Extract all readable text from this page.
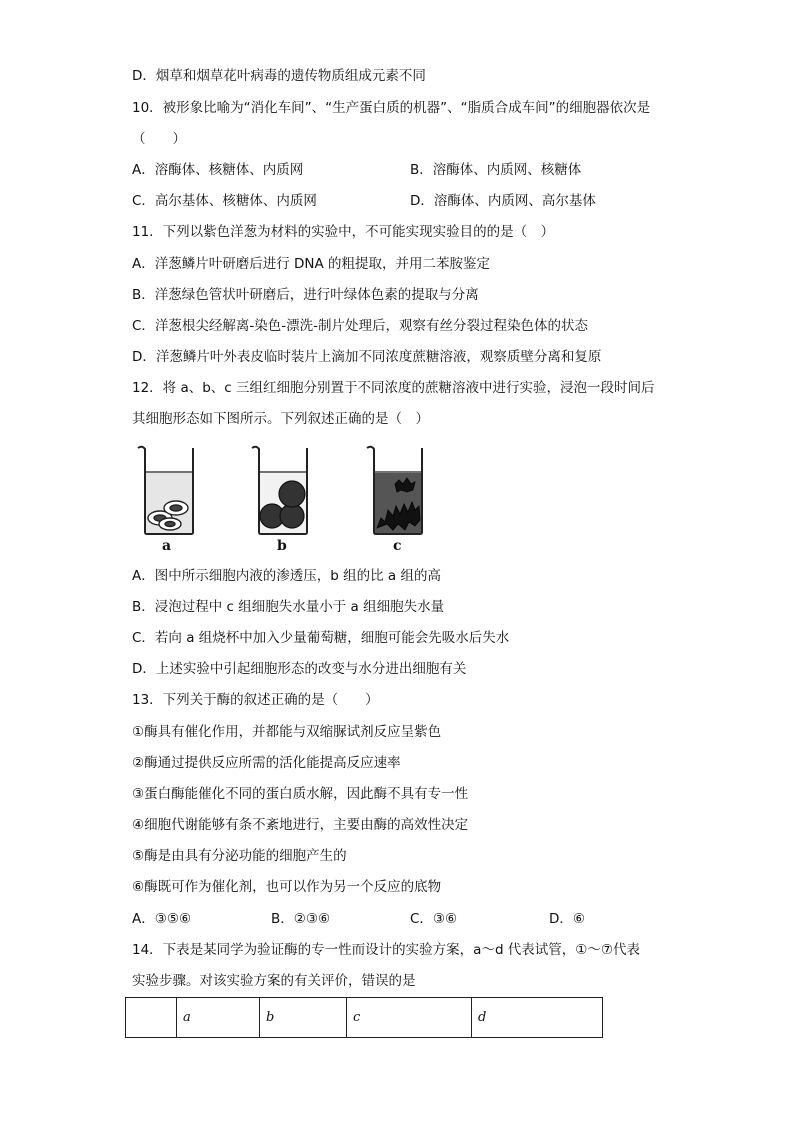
D．烟草和烟草花叶病毒的遗传物质组成元素不同
10．被形象比喻为“消化车间”、“生产蛋白质的机器”、“脂质合成车间”的细胞器依次是
（　　）
A．溶酶体、核糖体、内质网	B．溶酶体、内质网、核糖体
C．高尔基体、核糖体、内质网	D．溶酶体、内质网、高尔基体
11．下列以紫色洋葱为材料的实验中，不可能实现实验目的的是（　）
A．洋葱鳞片叶研磨后进行 DNA 的粗提取，并用二苯胺鉴定
B．洋葱绿色管状叶研磨后，进行叶绿体色素的提取与分离
C．洋葱根尖经解离-染色-漂洗-制片处理后，观察有丝分裂过程染色体的状态
D．洋葱鳞片叶外表皮临时装片上滴加不同浓度蔗糖溶液，观察质壁分离和复原
12．将 a、b、c 三组红细胞分别置于不同浓度的蔗糖溶液中进行实验，浸泡一段时间后
其细胞形态如下图所示。下列叙述正确的是（　）
a	b	c
A．图中所示细胞内液的渗透压，b 组的比 a 组的高
B．浸泡过程中 c 组细胞失水量小于 a 组细胞失水量
C．若向 a 组烧杯中加入少量葡萄糖，细胞可能会先吸水后失水
D．上述实验中引起细胞形态的改变与水分进出细胞有关
13．下列关于酶的叙述正确的是（　　）
①酶具有催化作用，并都能与双缩脲试剂反应呈紫色
②酶通过提供反应所需的活化能提高反应速率
③蛋白酶能催化不同的蛋白质水解，因此酶不具有专一性
④细胞代谢能够有条不紊地进行，主要由酶的高效性决定
⑤酶是由具有分泌功能的细胞产生的
⑥酶既可作为催化剂，也可以作为另一个反应的底物
A．③⑤⑥	B．②③⑥	C．③⑥	D．⑥
14．下表是某同学为验证酶的专一性而设计的实验方案，a～d 代表试管，①～⑦代表
实验步骤。对该实验方案的有关评价，错误的是
	a	b	c	d
